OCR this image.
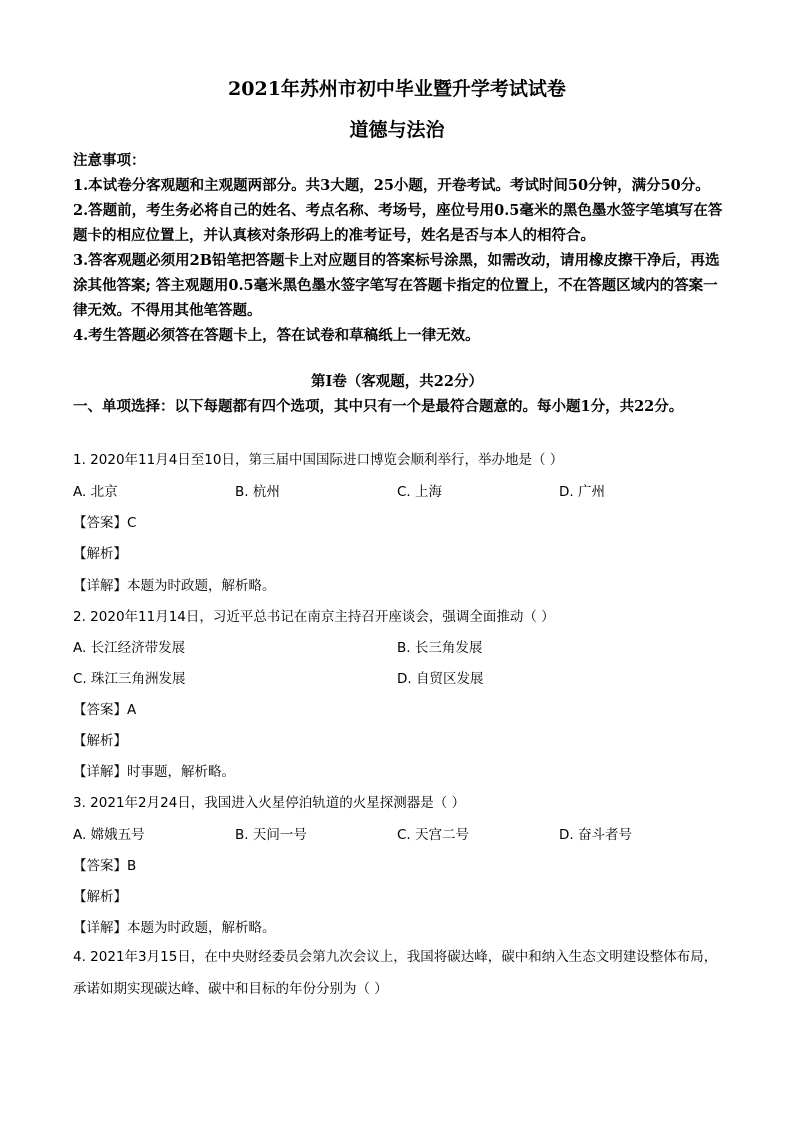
2021年苏州市初中毕业暨升学考试试卷
道德与法治

注意事项：

1.本试卷分客观题和主观题两部分。共3大题，25小题，开卷考试。考试时间50分钟，满分50分。

2.答题前，考生务必将自己的姓名、考点名称、考场号，座位号用0.5毫米的黑色墨水签字笔填写在答题卡的相应位置上，并认真核对条形码上的准考证号，姓名是否与本人的相符合。

3.答客观题必须用2B铅笔把答题卡上对应题目的答案标号涂黑，如需改动，请用橡皮擦干净后，再选涂其他答案; 答主观题用0.5毫米黑色墨水签字笔写在答题卡指定的位置上，不在答题区域内的答案一律无效。不得用其他笔答题。

4.考生答题必须答在答题卡上，答在试卷和草稿纸上一律无效。

第Ⅰ卷（客观题，共22分）

一、单项选择：以下每题都有四个选项，其中只有一个是最符合题意的。每小题1分，共22分。

1. 2020年11月4日至10日，第三届中国国际进口博览会顺利举行，举办地是（ ）
A. 北京	B. 杭州	C. 上海	D. 广州
【答案】C
【解析】
【详解】本题为时政题，解析略。
2. 2020年11月14日，习近平总书记在南京主持召开座谈会，强调全面推动（ ）
A. 长江经济带发展	B. 长三角发展
C. 珠江三角洲发展	D. 自贸区发展
【答案】A
【解析】
【详解】时事题，解析略。
3. 2021年2月24日，我国进入火星停泊轨道的火星探测器是（ ）
A. 嫦娥五号	B. 天问一号	C. 天宫二号	D. 奋斗者号
【答案】B
【解析】
【详解】本题为时政题，解析略。
4. 2021年3月15日，在中央财经委员会第九次会议上，我国将碳达峰，碳中和纳入生态文明建设整体布局，承诺如期实现碳达峰、碳中和目标的年份分别为（ ）
